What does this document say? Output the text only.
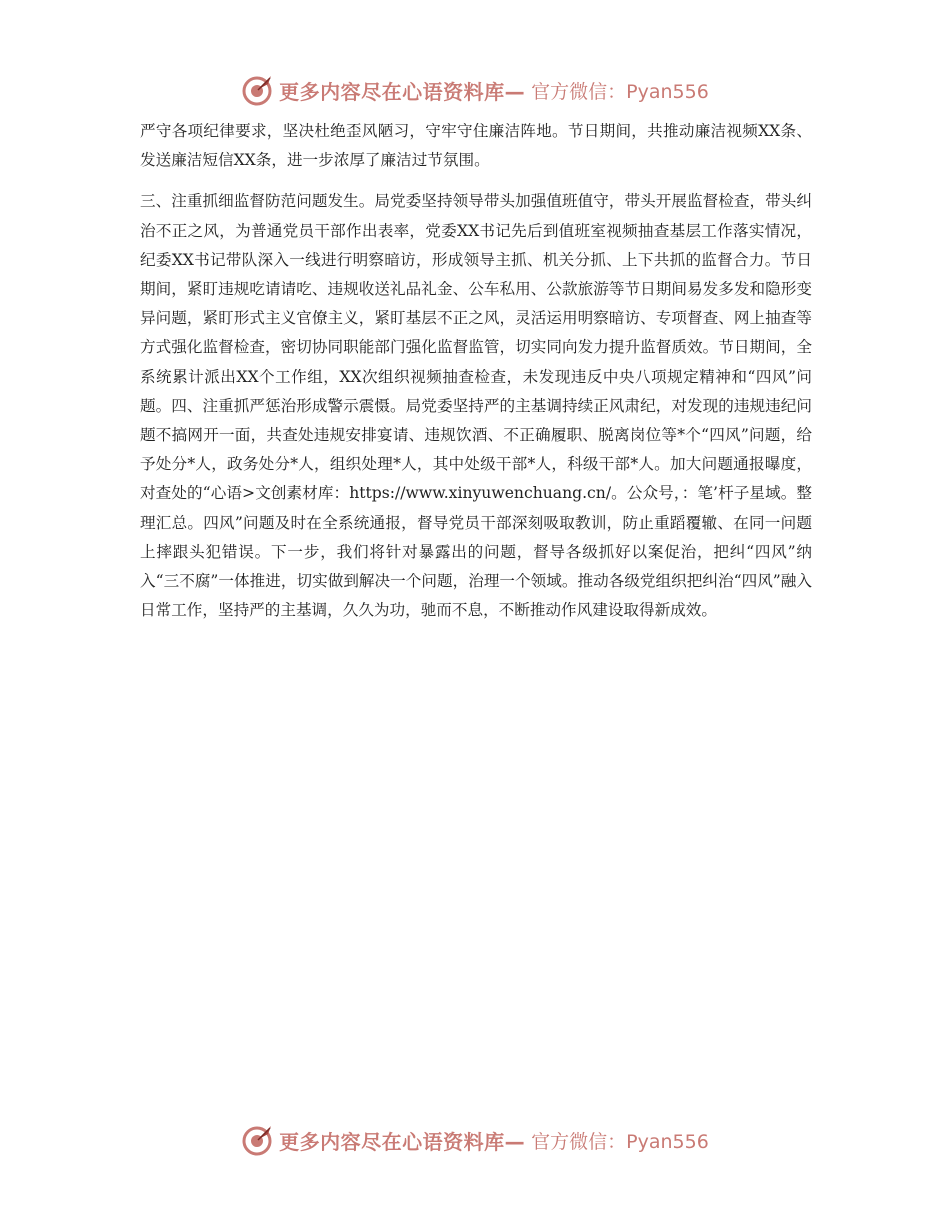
更多内容尽在心语资料库— 官方微信：Pyan556

严守各项纪律要求，坚决杜绝歪风陋习，守牢守住廉洁阵地。节日期间，共推动廉洁视频XX条、发送廉洁短信XX条，进一步浓厚了廉洁过节氛围。

三、注重抓细监督防范问题发生。局党委坚持领导带头加强值班值守，带头开展监督检查，带头纠治不正之风，为普通党员干部作出表率，党委XX书记先后到值班室视频抽查基层工作落实情况，纪委XX书记带队深入一线进行明察暗访，形成领导主抓、机关分抓、上下共抓的监督合力。节日期间，紧盯违规吃请请吃、违规收送礼品礼金、公车私用、公款旅游等节日期间易发多发和隐形变异问题，紧盯形式主义官僚主义，紧盯基层不正之风，灵活运用明察暗访、专项督查、网上抽查等方式强化监督检查，密切协同职能部门强化监督监管，切实同向发力提升监督质效。节日期间，全系统累计派出XX个工作组，XX次组织视频抽查检查，未发现违反中央八项规定精神和“四风”问题。四、注重抓严惩治形成警示震慑。局党委坚持严的主基调持续正风肃纪，对发现的违规违纪问题不搞网开一面，共查处违规安排宴请、违规饮酒、不正确履职、脱离岗位等*个“四风”问题，给予处分*人，政务处分*人，组织处理*人，其中处级干部*人，科级干部*人。加大问题通报曝度，对查处的“心语>文创素材库：https://www.xinyuwenchuang.cn/。公众号，：笔’杆子星域。整理汇总。四风”问题及时在全系统通报，督导党员干部深刻吸取教训，防止重蹈覆辙、在同一问题上摔跟头犯错误。下一步，我们将针对暴露出的问题，督导各级抓好以案促治，把纠“四风”纳入“三不腐”一体推进，切实做到解决一个问题，治理一个领域。推动各级党组织把纠治“四风”融入日常工作，坚持严的主基调，久久为功，驰而不息，不断推动作风建设取得新成效。

更多内容尽在心语资料库— 官方微信：Pyan556
